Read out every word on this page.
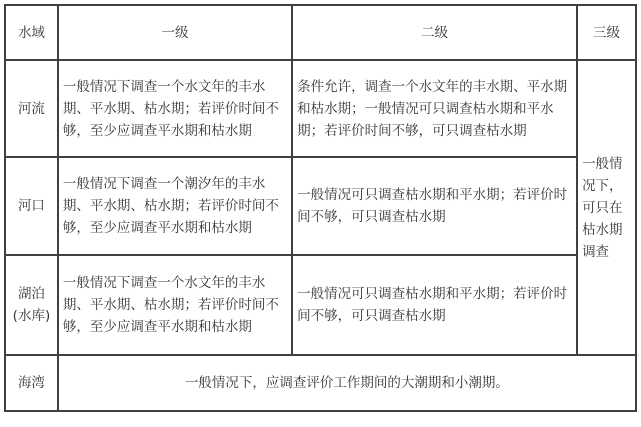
水域	一级	二级	三级
河流	一般情况下调查一个水文年的丰水期、平水期、枯水期；若评价时间不够，至少应调查平水期和枯水期	条件允许，调查一个水文年的丰水期、平水期和枯水期；一般情况可只调查枯水期和平水期；若评价时间不够，可只调查枯水期	一般情况下，可只在枯水期调查
河口	一般情况下调查一个潮汐年的丰水期、平水期、枯水期；若评价时间不够，至少应调查平水期和枯水期	一般情况可只调查枯水期和平水期；若评价时间不够，可只调查枯水期	
湖泊(水库)	一般情况下调查一个水文年的丰水期、平水期、枯水期；若评价时间不够，至少应调查平水期和枯水期	一般情况可只调查枯水期和平水期；若评价时间不够，可只调查枯水期	
海湾	一般情况下，应调查评价工作期间的大潮期和小潮期。		
